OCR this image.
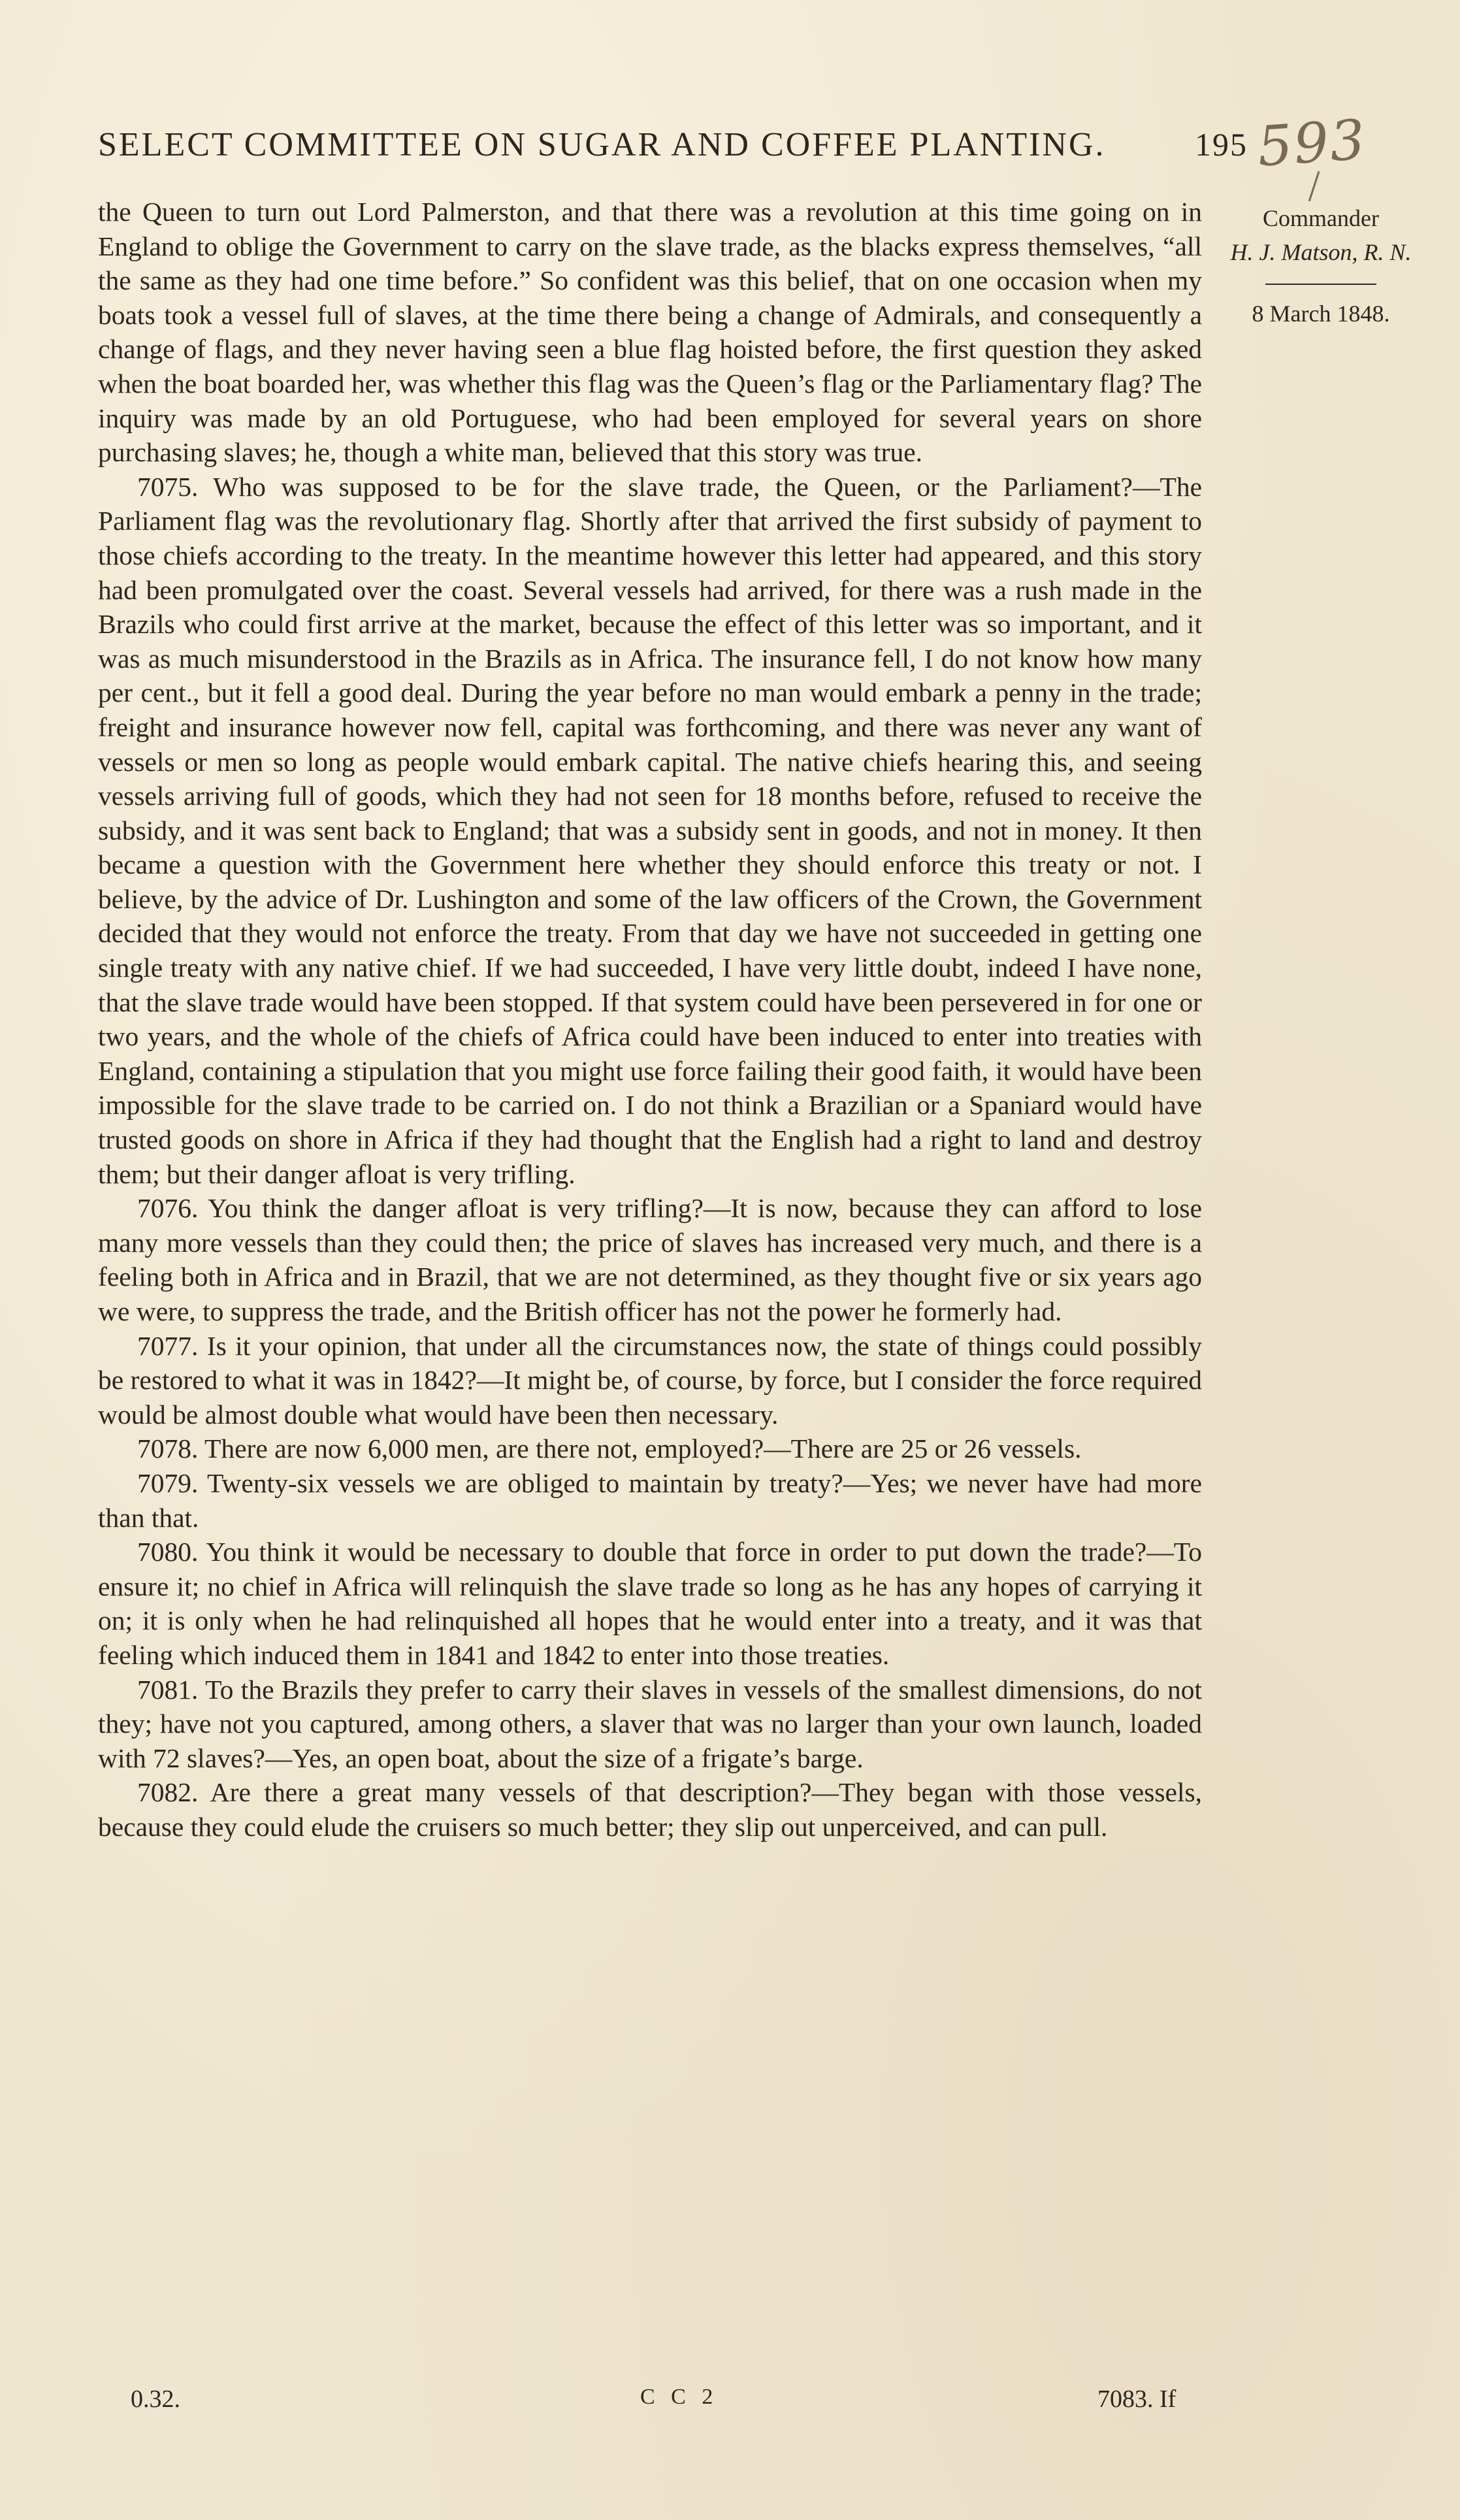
SELECT COMMITTEE ON SUGAR AND COFFEE PLANTING.	195 593
Commander
H. J. Matson, R. N.
8 March 1848.

the Queen to turn out Lord Palmerston, and that there was a revolution at this time going on in England to oblige the Government to carry on the slave trade, as the blacks express themselves, “all the same as they had one time before.” So confident was this belief, that on one occasion when my boats took a vessel full of slaves, at the time there being a change of Admirals, and consequently a change of flags, and they never having seen a blue flag hoisted before, the first question they asked when the boat boarded her, was whether this flag was the Queen’s flag or the Parliamentary flag? The inquiry was made by an old Portuguese, who had been employed for several years on shore purchasing slaves; he, though a white man, believed that this story was true.

7075. Who was supposed to be for the slave trade, the Queen, or the Parliament?—The Parliament flag was the revolutionary flag. Shortly after that arrived the first subsidy of payment to those chiefs according to the treaty. In the meantime however this letter had appeared, and this story had been promulgated over the coast. Several vessels had arrived, for there was a rush made in the Brazils who could first arrive at the market, because the effect of this letter was so important, and it was as much misunderstood in the Brazils as in Africa. The insurance fell, I do not know how many per cent., but it fell a good deal. During the year before no man would embark a penny in the trade; freight and insurance however now fell, capital was forthcoming, and there was never any want of vessels or men so long as people would embark capital. The native chiefs hearing this, and seeing vessels arriving full of goods, which they had not seen for 18 months before, refused to receive the subsidy, and it was sent back to England; that was a subsidy sent in goods, and not in money. It then became a question with the Government here whether they should enforce this treaty or not. I believe, by the advice of Dr. Lushington and some of the law officers of the Crown, the Government decided that they would not enforce the treaty. From that day we have not succeeded in getting one single treaty with any native chief. If we had succeeded, I have very little doubt, indeed I have none, that the slave trade would have been stopped. If that system could have been persevered in for one or two years, and the whole of the chiefs of Africa could have been induced to enter into treaties with England, containing a stipulation that you might use force failing their good faith, it would have been impossible for the slave trade to be carried on. I do not think a Brazilian or a Spaniard would have trusted goods on shore in Africa if they had thought that the English had a right to land and destroy them; but their danger afloat is very trifling.

7076. You think the danger afloat is very trifling?—It is now, because they can afford to lose many more vessels than they could then; the price of slaves has increased very much, and there is a feeling both in Africa and in Brazil, that we are not determined, as they thought five or six years ago we were, to suppress the trade, and the British officer has not the power he formerly had.

7077. Is it your opinion, that under all the circumstances now, the state of things could possibly be restored to what it was in 1842?—It might be, of course, by force, but I consider the force required would be almost double what would have been then necessary.

7078. There are now 6,000 men, are there not, employed?—There are 25 or 26 vessels.

7079. Twenty-six vessels we are obliged to maintain by treaty?—Yes; we never have had more than that.

7080. You think it would be necessary to double that force in order to put down the trade?—To ensure it; no chief in Africa will relinquish the slave trade so long as he has any hopes of carrying it on; it is only when he had relinquished all hopes that he would enter into a treaty, and it was that feeling which induced them in 1841 and 1842 to enter into those treaties.

7081. To the Brazils they prefer to carry their slaves in vessels of the smallest dimensions, do not they; have not you captured, among others, a slaver that was no larger than your own launch, loaded with 72 slaves?—Yes, an open boat, about the size of a frigate’s barge.

7082. Are there a great many vessels of that description?—They began with those vessels, because they could elude the cruisers so much better; they slip out unperceived, and can pull.

0.32.	C C 2	7083. If
